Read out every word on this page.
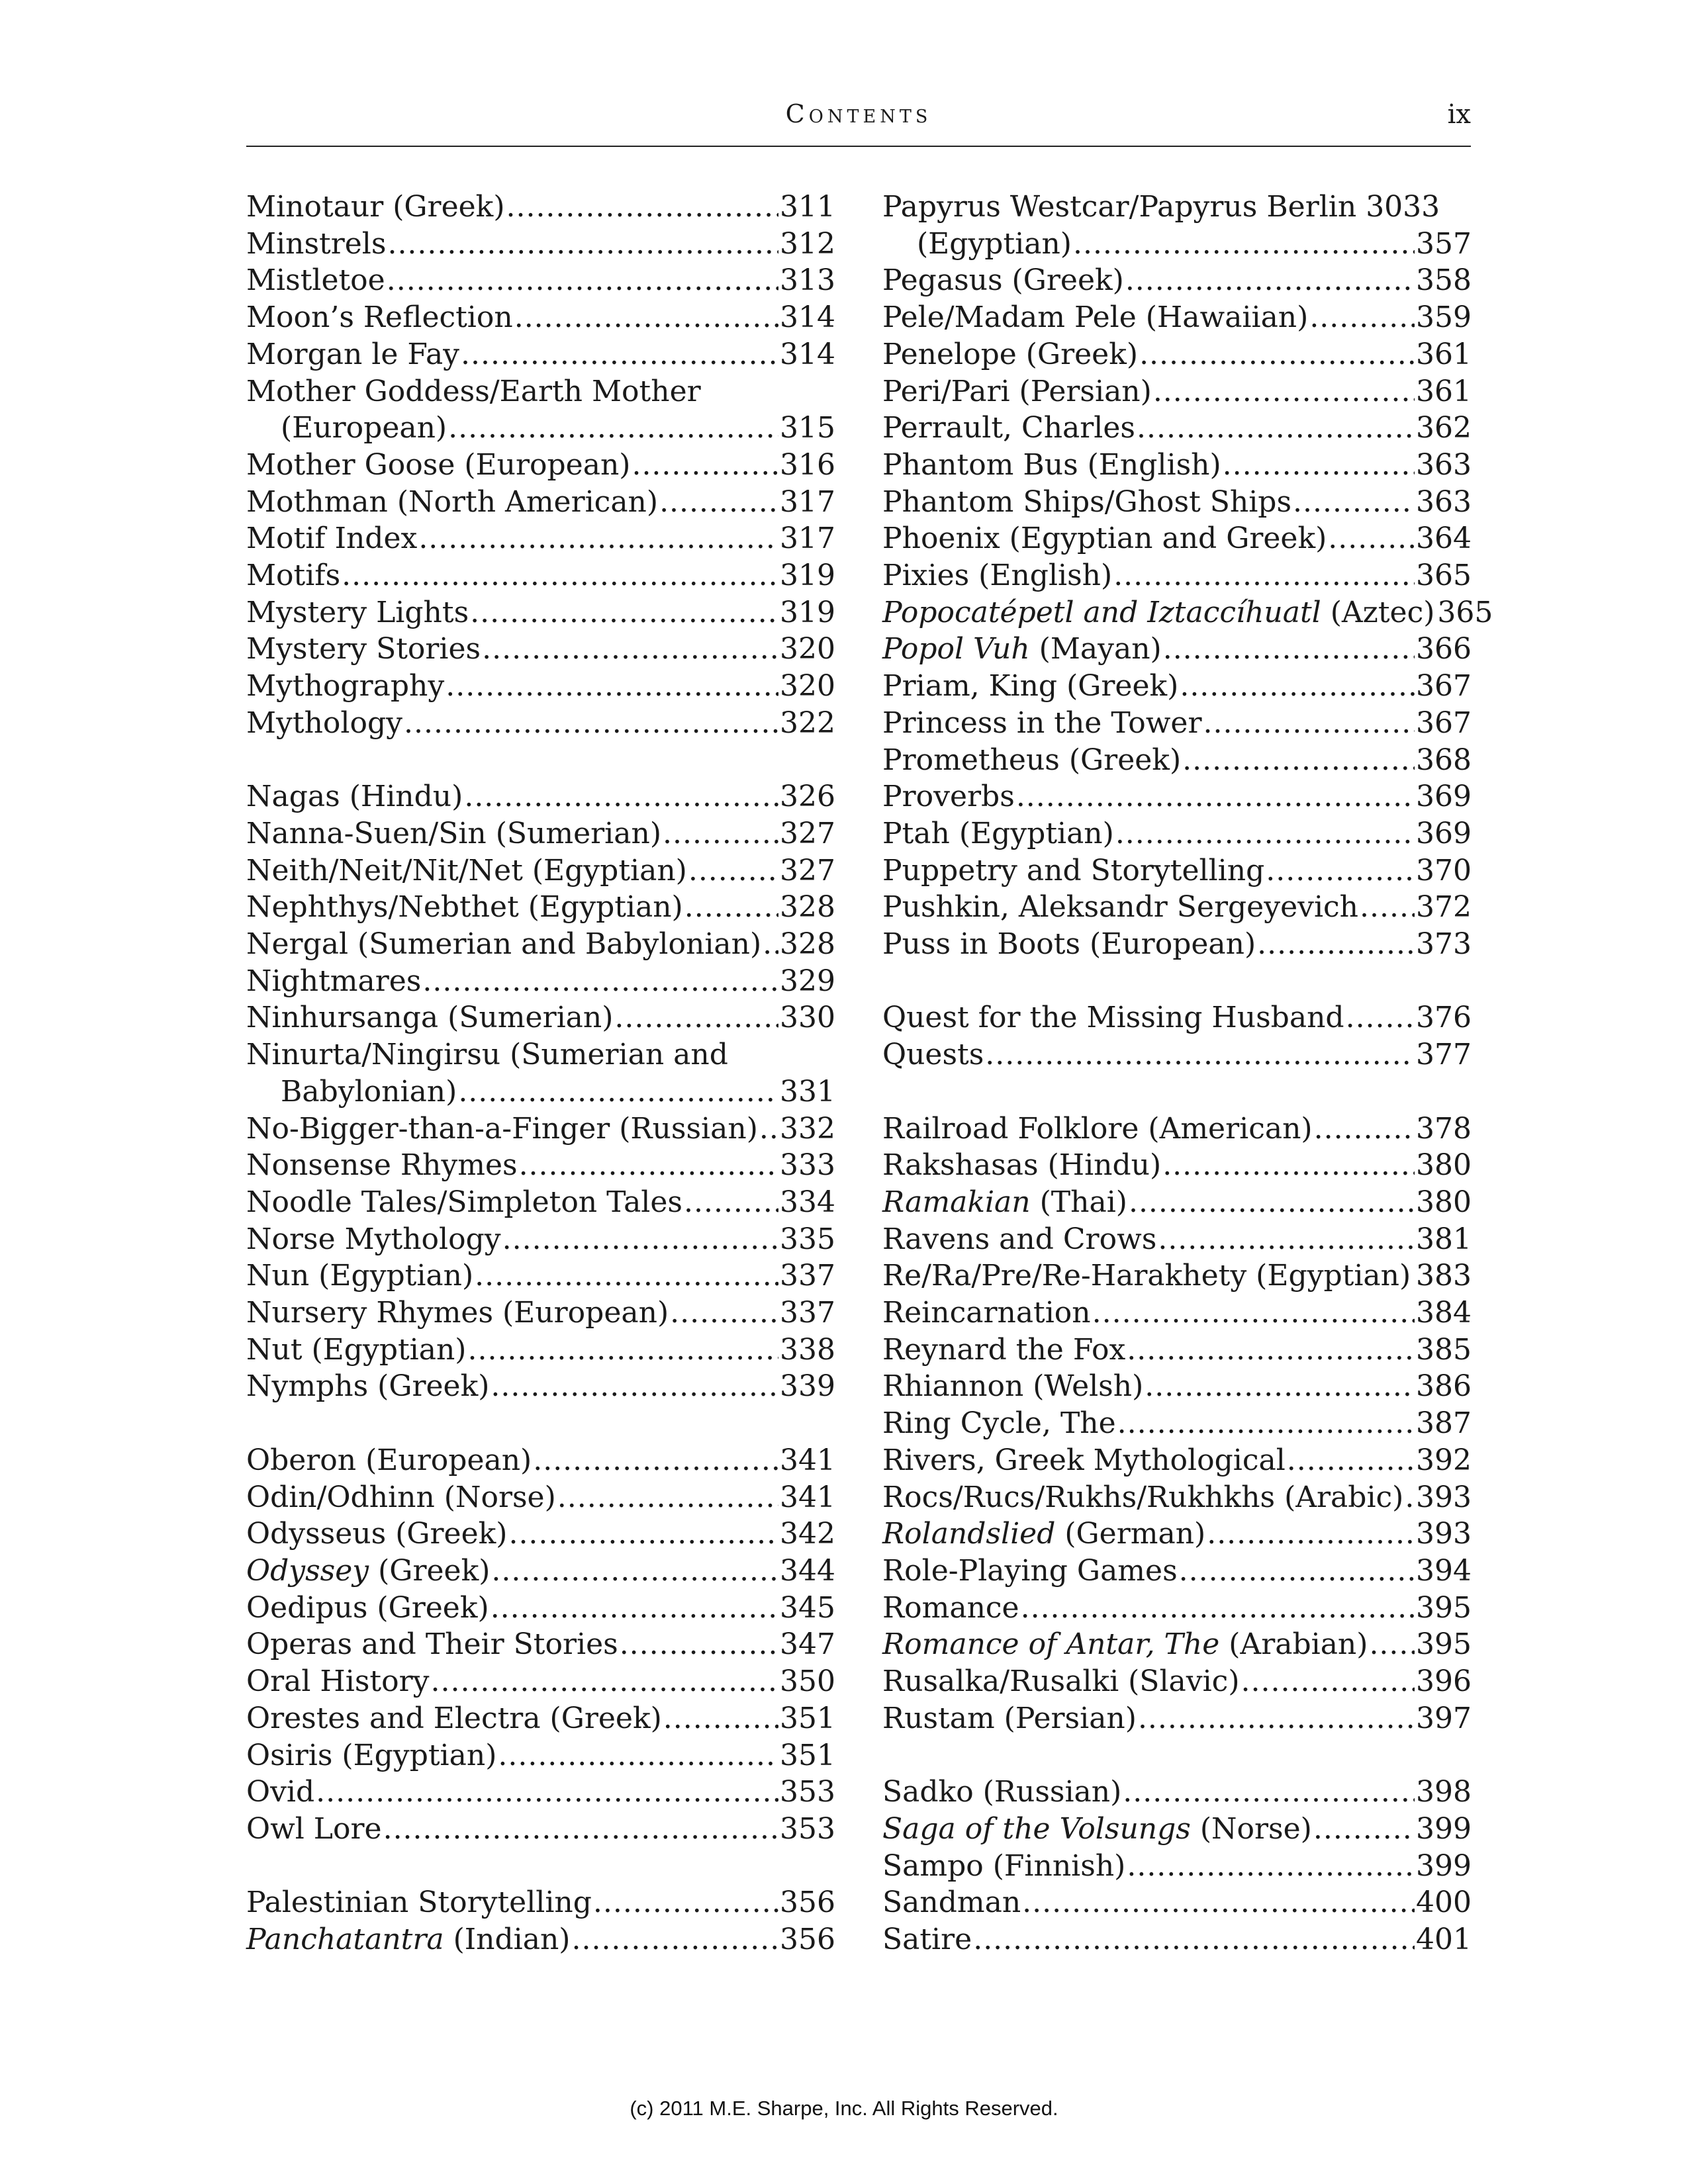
Contents	ix
Minotaur (Greek) .....	311
Minstrels .....	312
Mistletoe .....	313
Moon’s Reflection .....	314
Morgan le Fay .....	314
Mother Goddess/Earth Mother
(European) .....	315
Mother Goose (European) .....	316
Mothman (North American) .....	317
Motif Index .....	317
Motifs .....	319
Mystery Lights .....	319
Mystery Stories .....	320
Mythography .....	320
Mythology .....	322
Nagas (Hindu) .....	326
Nanna-Suen/Sin (Sumerian) .....	327
Neith/Neit/Nit/Net (Egyptian) .....	327
Nephthys/Nebthet (Egyptian) .....	328
Nergal (Sumerian and Babylonian) ..... 328
Nightmares .....	329
Ninhursanga (Sumerian) .....	330
Ninurta/Ningirsu (Sumerian and
Babylonian) .....	331
No-Bigger-than-a-Finger (Russian) ..... 332
Nonsense Rhymes .....	333
Noodle Tales/Simpleton Tales .....	334
Norse Mythology .....	335
Nun (Egyptian) .....	337
Nursery Rhymes (European) .....	337
Nut (Egyptian) .....	338
Nymphs (Greek) .....	339
Oberon (European) .....	341
Odin/Odhinn (Norse) .....	341
Odysseus (Greek) .....	342
Odyssey (Greek) .....	344
Oedipus (Greek) .....	345
Operas and Their Stories .....	347
Oral History .....	350
Orestes and Electra (Greek) .....	351
Osiris (Egyptian) .....	351
Ovid .....	353
Owl Lore .....	353
Palestinian Storytelling .....	356
Panchatantra (Indian) .....	356
Papyrus Westcar/Papyrus Berlin 3033
(Egyptian) .....	357
Pegasus (Greek) .....	358
Pele/Madam Pele (Hawaiian) .....	359
Penelope (Greek) .....	361
Peri/Pari (Persian) .....	361
Perrault, Charles .....	362
Phantom Bus (English) .....	363
Phantom Ships/Ghost Ships .....	363
Phoenix (Egyptian and Greek) .....	364
Pixies (English) .....	365
Popocatépetl and Iztaccíhuatl (Aztec) 365
Popol Vuh (Mayan) .....	366
Priam, King (Greek) .....	367
Princess in the Tower .....	367
Prometheus (Greek) .....	368
Proverbs .....	369
Ptah (Egyptian) .....	369
Puppetry and Storytelling .....	370
Pushkin, Aleksandr Sergeyevich ..... 372
Puss in Boots (European) .....	373
Quest for the Missing Husband ..... 376
Quests .....	377
Railroad Folklore (American) .....	378
Rakshasas (Hindu) .....	380
Ramakian (Thai) .....	380
Ravens and Crows .....	381
Re/Ra/Pre/Re-Harakhety (Egyptian) ..... 383
Reincarnation .....	384
Reynard the Fox .....	385
Rhiannon (Welsh) .....	386
Ring Cycle, The .....	387
Rivers, Greek Mythological .....	392
Rocs/Rucs/Rukhs/Rukhkhs (Arabic) ..... 393
Rolandslied (German) .....	393
Role-Playing Games .....	394
Romance .....	395
Romance of Antar, The (Arabian) ..... 395
Rusalka/Rusalki (Slavic) .....	396
Rustam (Persian) .....	397
Sadko (Russian) .....	398
Saga of the Volsungs (Norse) .....	399
Sampo (Finnish) .....	399
Sandman .....	400
Satire .....	401
(c) 2011 M.E. Sharpe, Inc. All Rights Reserved.
